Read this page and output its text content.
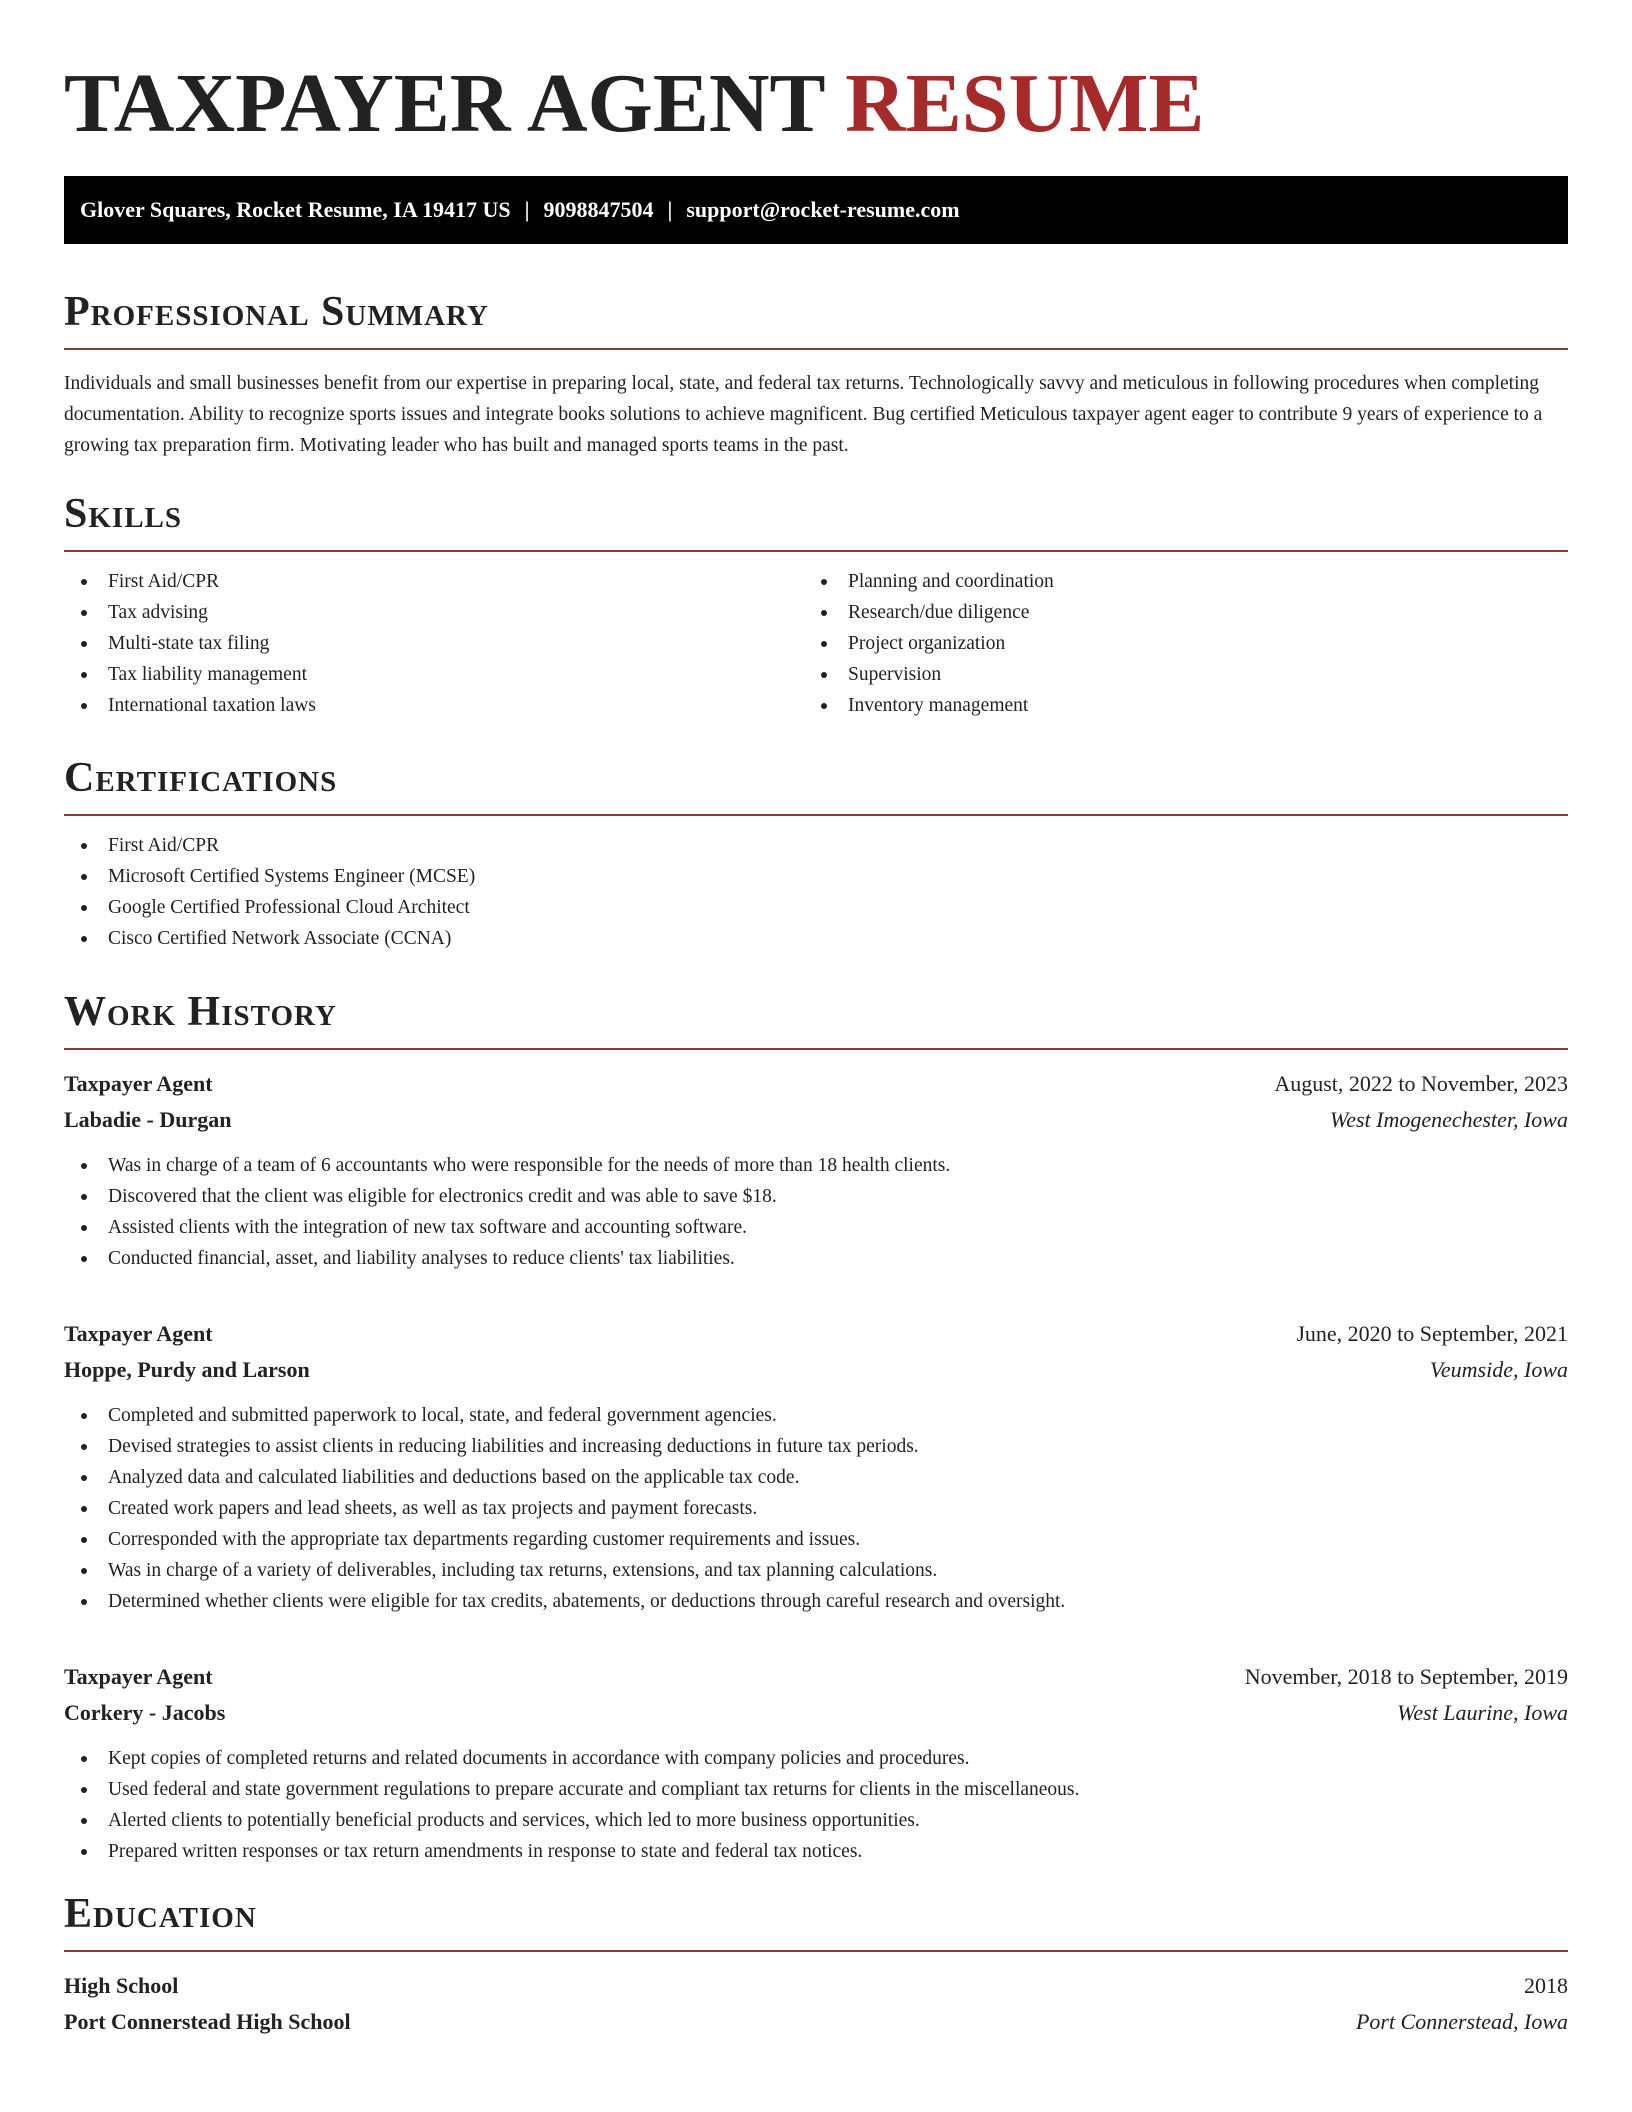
TAXPAYER AGENT RESUME
Glover Squares, Rocket Resume, IA 19417 US | 9098847504 | support@rocket-resume.com
Professional Summary

Individuals and small businesses benefit from our expertise in preparing local, state, and federal tax returns. Technologically savvy and meticulous in following procedures when completing documentation. Ability to recognize sports issues and integrate books solutions to achieve magnificent. Bug certified Meticulous taxpayer agent eager to contribute 9 years of experience to a growing tax preparation firm. Motivating leader who has built and managed sports teams in the past.

Skills
First Aid/CPR
Tax advising
Multi-state tax filing
Tax liability management
International taxation laws
Planning and coordination
Research/due diligence
Project organization
Supervision
Inventory management
Certifications
First Aid/CPR
Microsoft Certified Systems Engineer (MCSE)
Google Certified Professional Cloud Architect
Cisco Certified Network Associate (CCNA)
Work History
Taxpayer Agent	August, 2022 to November, 2023
Labadie - Durgan	West Imogenechester, Iowa
Was in charge of a team of 6 accountants who were responsible for the needs of more than 18 health clients.
Discovered that the client was eligible for electronics credit and was able to save $18.
Assisted clients with the integration of new tax software and accounting software.
Conducted financial, asset, and liability analyses to reduce clients' tax liabilities.
Taxpayer Agent	June, 2020 to September, 2021
Hoppe, Purdy and Larson	Veumside, Iowa
Completed and submitted paperwork to local, state, and federal government agencies.
Devised strategies to assist clients in reducing liabilities and increasing deductions in future tax periods.
Analyzed data and calculated liabilities and deductions based on the applicable tax code.
Created work papers and lead sheets, as well as tax projects and payment forecasts.
Corresponded with the appropriate tax departments regarding customer requirements and issues.
Was in charge of a variety of deliverables, including tax returns, extensions, and tax planning calculations.
Determined whether clients were eligible for tax credits, abatements, or deductions through careful research and oversight.
Taxpayer Agent	November, 2018 to September, 2019
Corkery - Jacobs	West Laurine, Iowa
Kept copies of completed returns and related documents in accordance with company policies and procedures.
Used federal and state government regulations to prepare accurate and compliant tax returns for clients in the miscellaneous.
Alerted clients to potentially beneficial products and services, which led to more business opportunities.
Prepared written responses or tax return amendments in response to state and federal tax notices.
Education
High School	2018
Port Connerstead High School	Port Connerstead, Iowa
